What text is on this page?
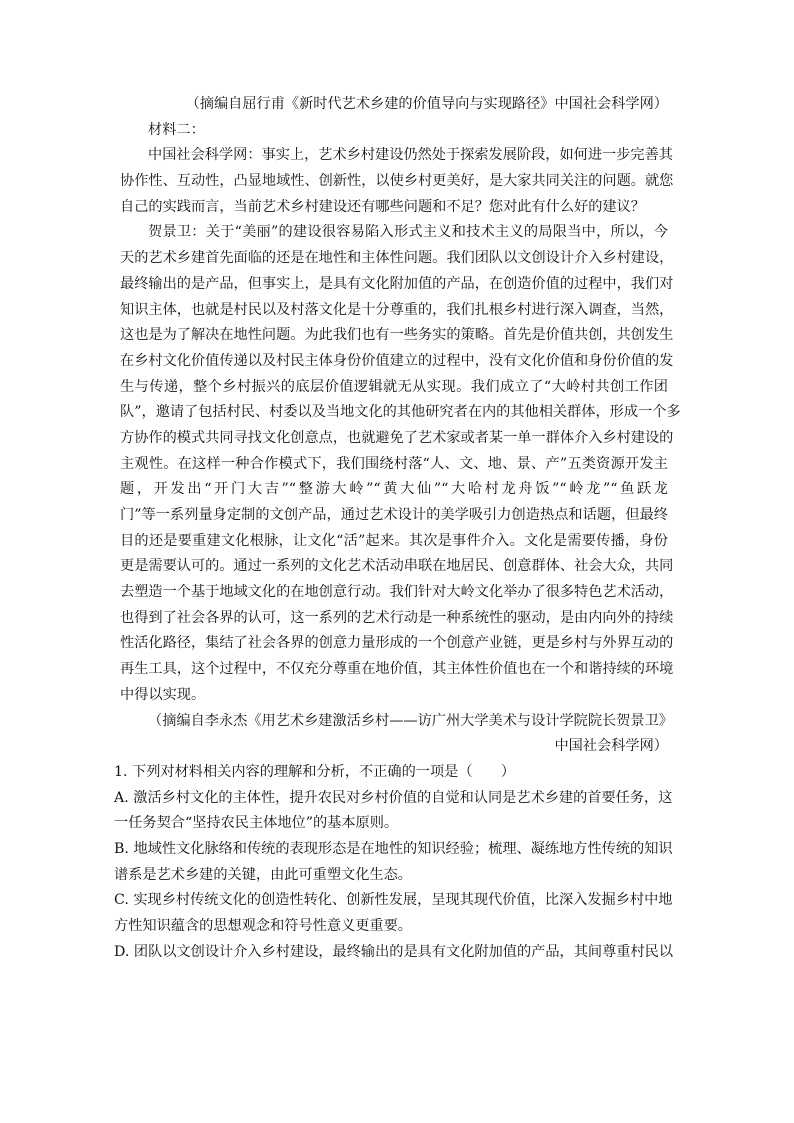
（摘编自屈行甫《新时代艺术乡建的价值导向与实现路径》中国社会科学网）
材料二：
中国社会科学网：事实上，艺术乡村建设仍然处于探索发展阶段，如何进一步完善其
协作性、互动性，凸显地域性、创新性，以使乡村更美好，是大家共同关注的问题。就您
自己的实践而言，当前艺术乡村建设还有哪些问题和不足？您对此有什么好的建议？
贺景卫：关于“美丽”的建设很容易陷入形式主义和技术主义的局限当中，所以，今
天的艺术乡建首先面临的还是在地性和主体性问题。我们团队以文创设计介入乡村建设，
最终输出的是产品，但事实上，是具有文化附加值的产品，在创造价值的过程中，我们对
知识主体，也就是村民以及村落文化是十分尊重的，我们扎根乡村进行深入调查，当然，
这也是为了解决在地性问题。为此我们也有一些务实的策略。首先是价值共创，共创发生
在乡村文化价值传递以及村民主体身份价值建立的过程中，没有文化价值和身份价值的发
生与传递，整个乡村振兴的底层价值逻辑就无从实现。我们成立了“大岭村共创工作团
队”，邀请了包括村民、村委以及当地文化的其他研究者在内的其他相关群体，形成一个多
方协作的模式共同寻找文化创意点，也就避免了艺术家或者某一单一群体介入乡村建设的
主观性。在这样一种合作模式下，我们围绕村落“人、文、地、景、产”五类资源开发主
题，开发出“开门大吉”“整游大岭”“黄大仙”“大哈村龙舟饭”“岭龙”“鱼跃龙
门”等一系列量身定制的文创产品，通过艺术设计的美学吸引力创造热点和话题，但最终
目的还是要重建文化根脉，让文化“活”起来。其次是事件介入。文化是需要传播，身份
更是需要认可的。通过一系列的文化艺术活动串联在地居民、创意群体、社会大众，共同
去塑造一个基于地域文化的在地创意行动。我们针对大岭文化举办了很多特色艺术活动，
也得到了社会各界的认可，这一系列的艺术行动是一种系统性的驱动，是由内向外的持续
性活化路径，集结了社会各界的创意力量形成的一个创意产业链，更是乡村与外界互动的
再生工具，这个过程中，不仅充分尊重在地价值，其主体性价值也在一个和谐持续的环境
中得以实现。
（摘编自李永杰《用艺术乡建激活乡村——访广州大学美术与设计学院院长贺景卫》
中国社会科学网）
1. 下列对材料相关内容的理解和分析，不正确的一项是（　　）
A. 激活乡村文化的主体性，提升农民对乡村价值的自觉和认同是艺术乡建的首要任务，这
一任务契合“坚持农民主体地位”的基本原则。
B. 地域性文化脉络和传统的表现形态是在地性的知识经验；梳理、凝练地方性传统的知识
谱系是艺术乡建的关键，由此可重塑文化生态。
C. 实现乡村传统文化的创造性转化、创新性发展，呈现其现代价值，比深入发掘乡村中地
方性知识蕴含的思想观念和符号性意义更重要。
D. 团队以文创设计介入乡村建设，最终输出的是具有文化附加值的产品，其间尊重村民以
